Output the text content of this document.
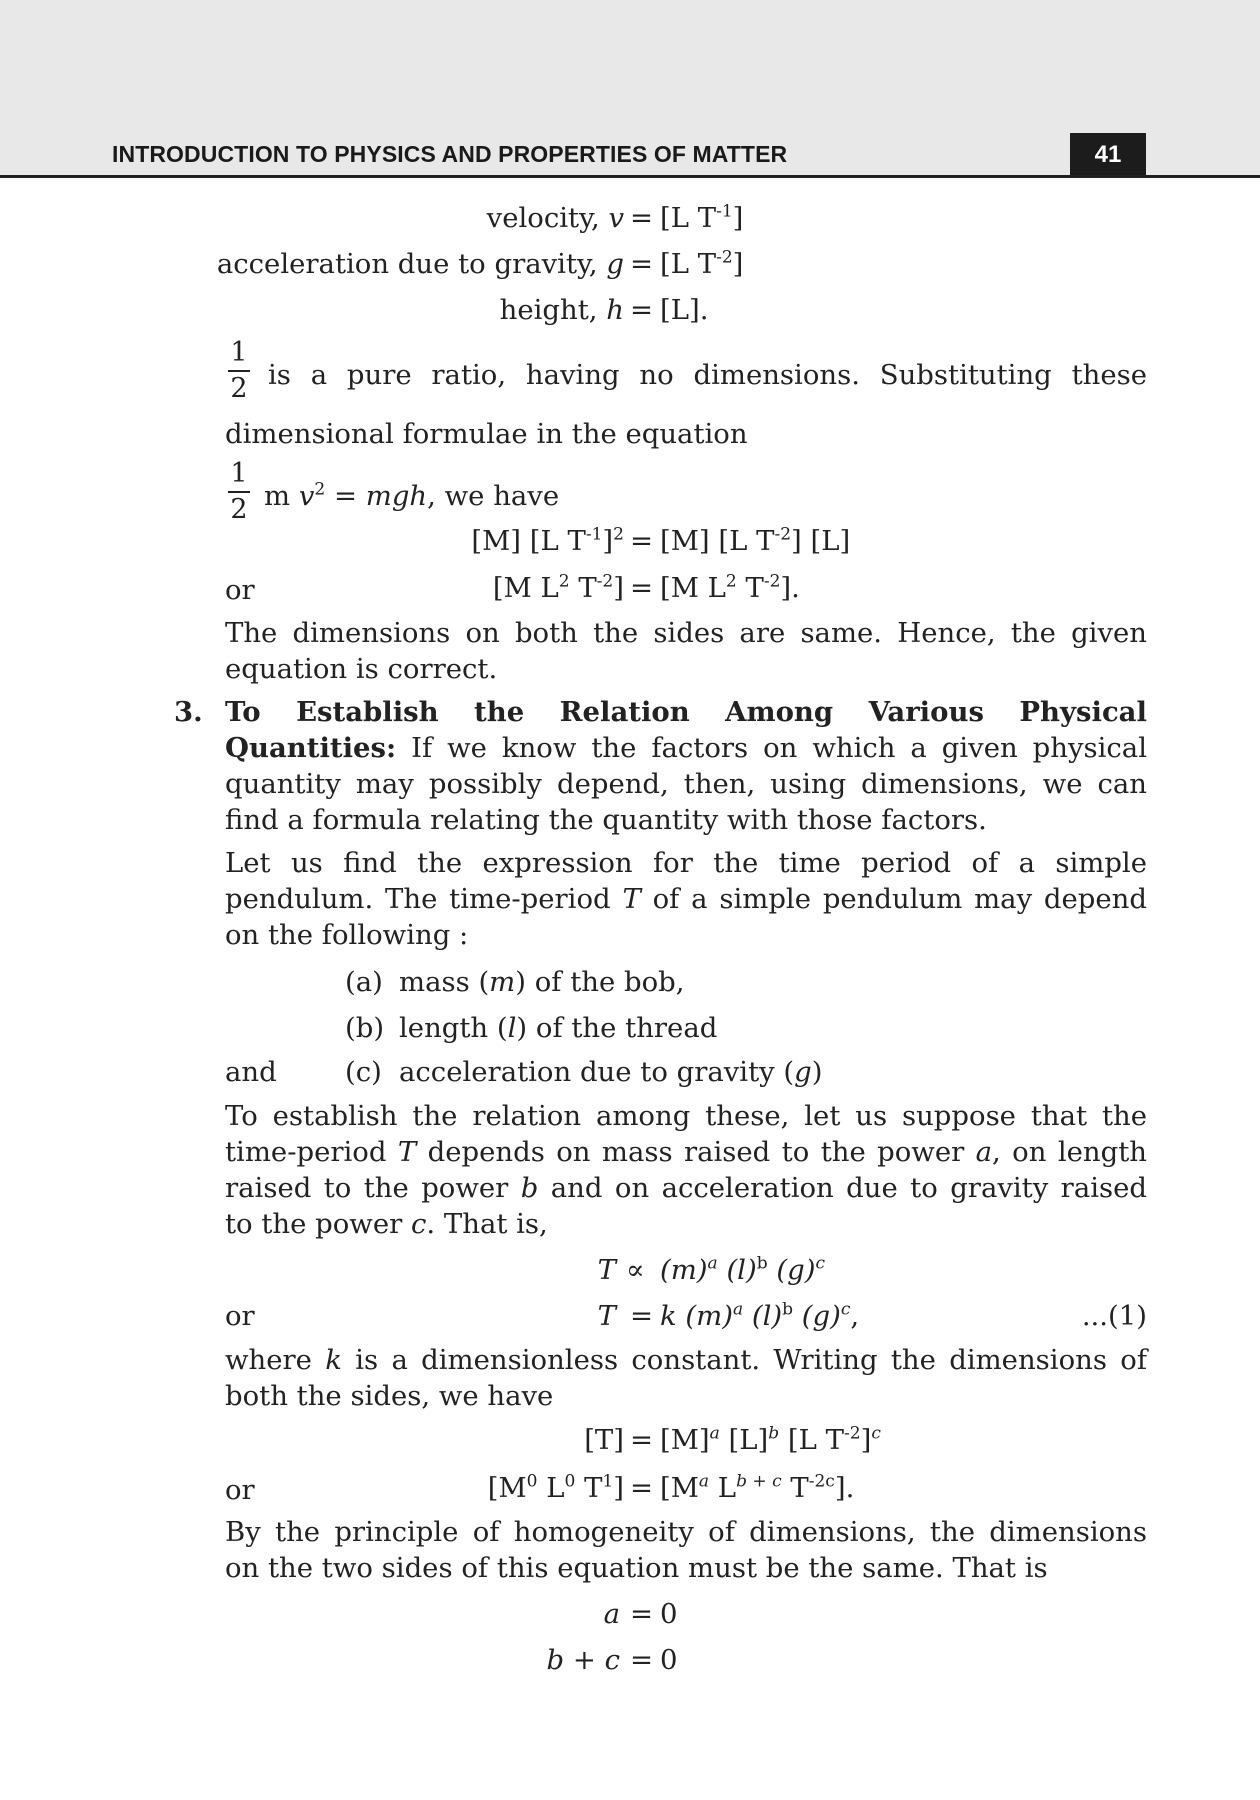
INTRODUCTION TO PHYSICS AND PROPERTIES OF MATTER	41
velocity, v = [L $T^{-1}$]
acceleration due to gravity, g = [L $T^{-2}$]
height, h = [L].
1
2 is a pure ratio, having no dimensions. Substituting these
dimensional formulae in the equation
1
2 m $v^2$ = mgh, we have
[M] [L $T^{-1}]^2 = [M]$ [L $T^{-2}$] [L]
or	[M $L^2$ $T^{-2}] = [M$ $L^2$ $T^{-2}$].
The dimensions on both the sides are same. Hence, the given
equation is correct.
3. To Establish the Relation Among Various Physical
Quantities: If we know the factors on which a given physical
quantity may possibly depend, then, using dimensions, we can
find a formula relating the quantity with those factors.
Let us find the expression for the time period of a simple
pendulum. The time-period T of a simple pendulum may depend
on the following :
(a) mass (m) of the bob,
(b) length (l) of the thread
and (c) acceleration due to gravity (g)
To establish the relation among these, let us suppose that the
time-period T depends on mass raised to the power a, on length
raised to the power b and on acceleration due to gravity raised
to the power c. That is,
$T \propto (m)^a$ $(l)^b$ $(g)^c$
or	T = k $(m)^a$ $(l)^b$ $(g)^c$,	...(1)
where k is a dimensionless constant. Writing the dimensions of
both the sides, we have
$[T] = [M]^a$ $[L]^b$ [L $T^{-2}]^c$
or	[$M^0$ $L^0$ $T^1] = [M^a$ $L^{b + c}$ $T^{-2c}$].
By the principle of homogeneity of dimensions, the dimensions
on the two sides of this equation must be the same. That is
a = 0
b + c = 0
